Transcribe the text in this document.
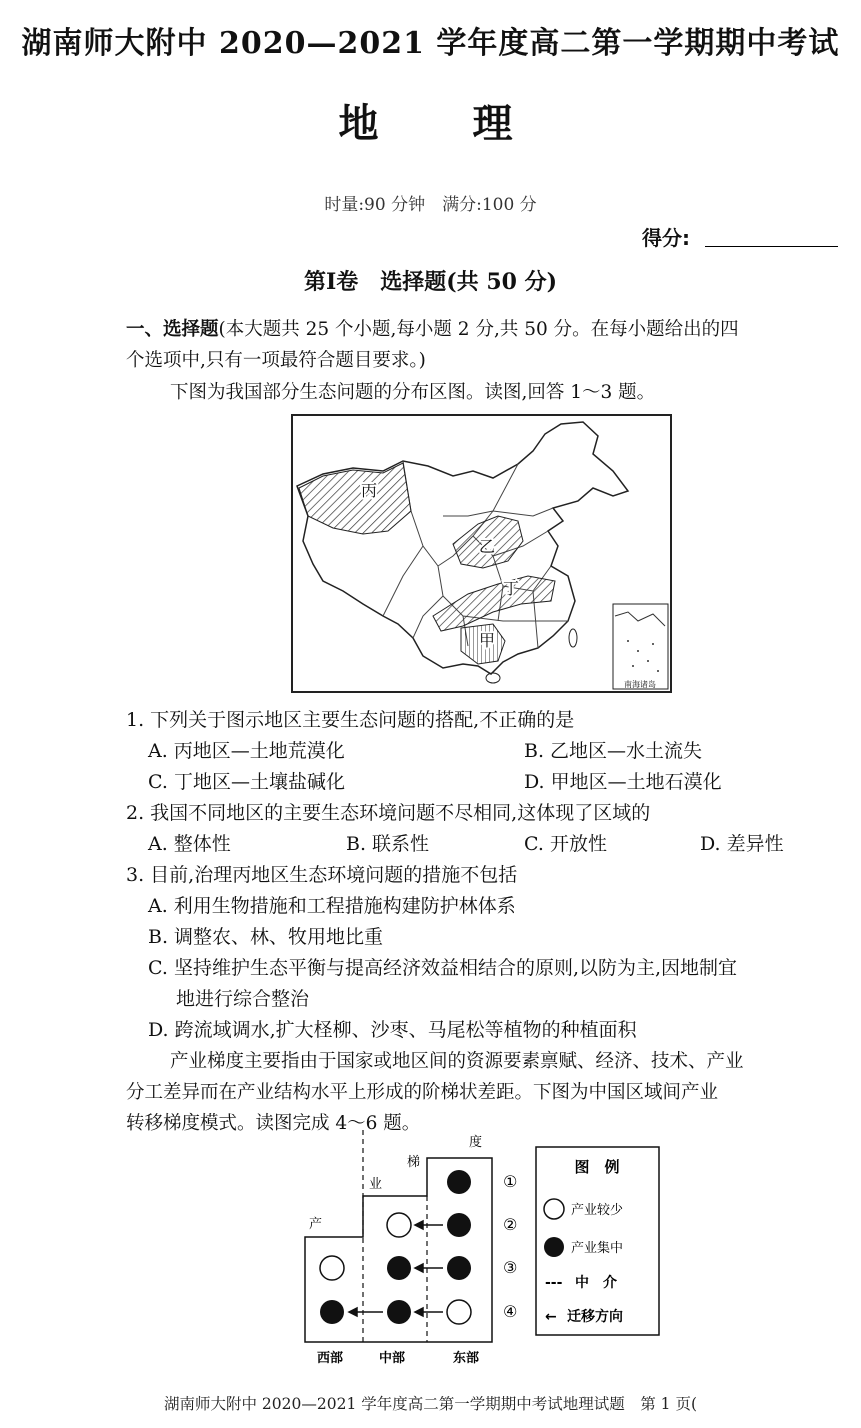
湖南师大附中 2020—2021 学年度高二第一学期期中考试
地 理
时量:90 分钟　满分:100 分
得分:
第Ⅰ卷　选择题(共 50 分)
一、选择题(本大题共 25 个小题,每小题 2 分,共 50 分。在每小题给出的四
个选项中,只有一项最符合题目要求。)
下图为我国部分生态问题的分布区图。读图,回答 1～3 题。
丙
乙
丁
甲
南海诸岛
1. 下列关于图示地区主要生态问题的搭配,不正确的是
A. 丙地区—土地荒漠化	B. 乙地区—水土流失
C. 丁地区—土壤盐碱化	D. 甲地区—土地石漠化
2. 我国不同地区的主要生态环境问题不尽相同,这体现了区域的
A. 整体性	B. 联系性	C. 开放性	D. 差异性
3. 目前,治理丙地区生态环境问题的措施不包括
A. 利用生物措施和工程措施构建防护林体系
B. 调整农、林、牧用地比重
C. 坚持维护生态平衡与提高经济效益相结合的原则,以防为主,因地制宜
地进行综合整治
D. 跨流域调水,扩大柽柳、沙枣、马尾松等植物的种植面积
产业梯度主要指由于国家或地区间的资源要素禀赋、经济、技术、产业
分工差异而在产业结构水平上形成的阶梯状差距。下图为中国区域间产业
转移梯度模式。读图完成 4～6 题。
产
业
梯
度
①
②
③
④
西部	中部	东部
图　例
产业较少
产业集中
--- 中　介
← 迁移方向
湖南师大附中 2020—2021 学年度高二第一学期期中考试地理试题　第 1 页(
